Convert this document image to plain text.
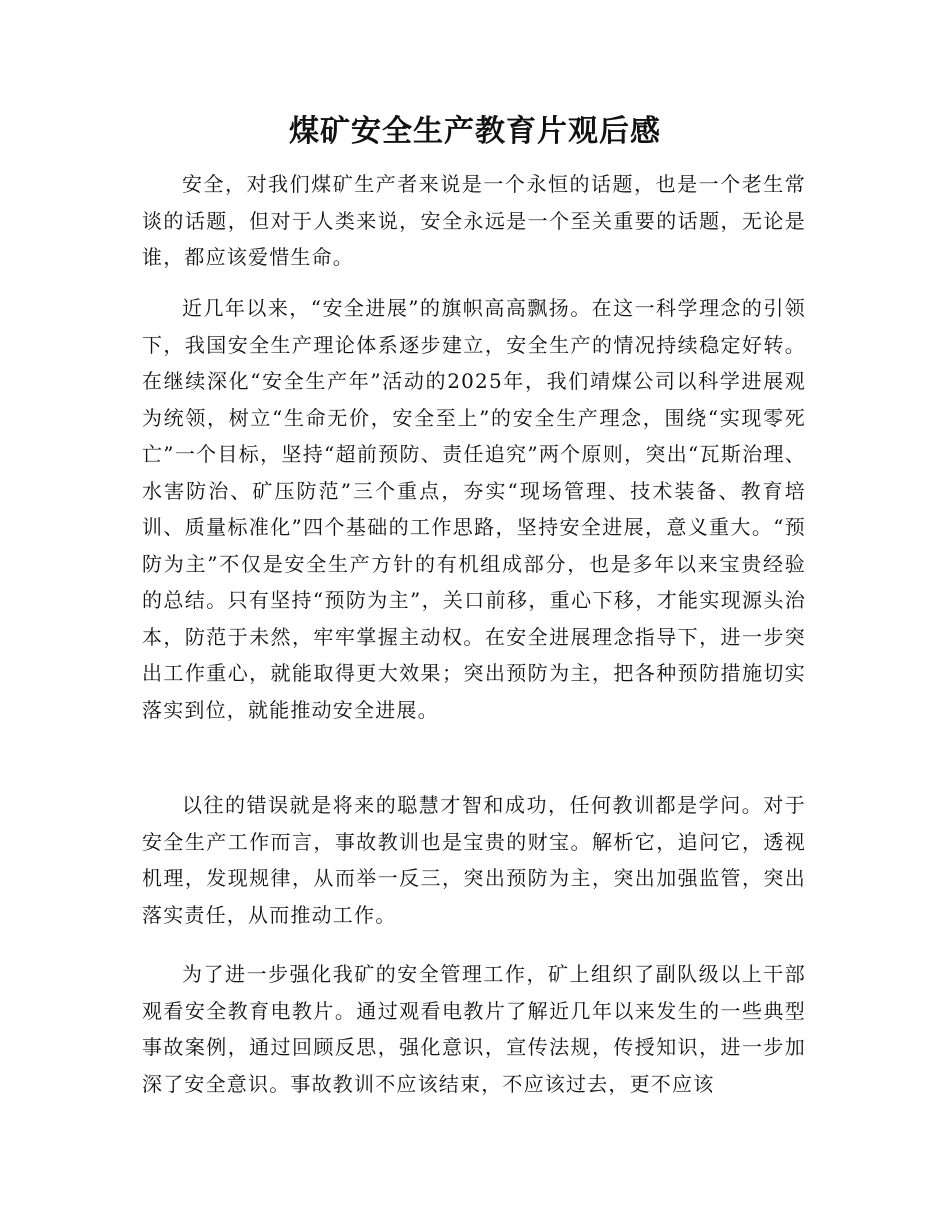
煤矿安全生产教育片观后感

安全，对我们煤矿生产者来说是一个永恒的话题，也是一个老生常谈的话题，但对于人类来说，安全永远是一个至关重要的话题，无论是谁，都应该爱惜生命。

近几年以来，“安全进展”的旗帜高高飘扬。在这一科学理念的引领下，我国安全生产理论体系逐步建立，安全生产的情况持续稳定好转。在继续深化“安全生产年”活动的2025年，我们靖煤公司以科学进展观为统领，树立“生命无价，安全至上”的安全生产理念，围绕“实现零死亡”一个目标，坚持“超前预防、责任追究”两个原则，突出“瓦斯治理、水害防治、矿压防范”三个重点，夯实“现场管理、技术装备、教育培训、质量标准化”四个基础的工作思路，坚持安全进展，意义重大。“预防为主”不仅是安全生产方针的有机组成部分，也是多年以来宝贵经验的总结。只有坚持“预防为主”，关口前移，重心下移，才能实现源头治本，防范于未然，牢牢掌握主动权。在安全进展理念指导下，进一步突出工作重心，就能取得更大效果；突出预防为主，把各种预防措施切实落实到位，就能推动安全进展。

以往的错误就是将来的聪慧才智和成功，任何教训都是学问。对于安全生产工作而言，事故教训也是宝贵的财宝。解析它，追问它，透视机理，发现规律，从而举一反三，突出预防为主，突出加强监管，突出落实责任，从而推动工作。

为了进一步强化我矿的安全管理工作，矿上组织了副队级以上干部观看安全教育电教片。通过观看电教片了解近几年以来发生的一些典型事故案例，通过回顾反思，强化意识，宣传法规，传授知识，进一步加深了安全意识。事故教训不应该结束，不应该过去，更不应该
